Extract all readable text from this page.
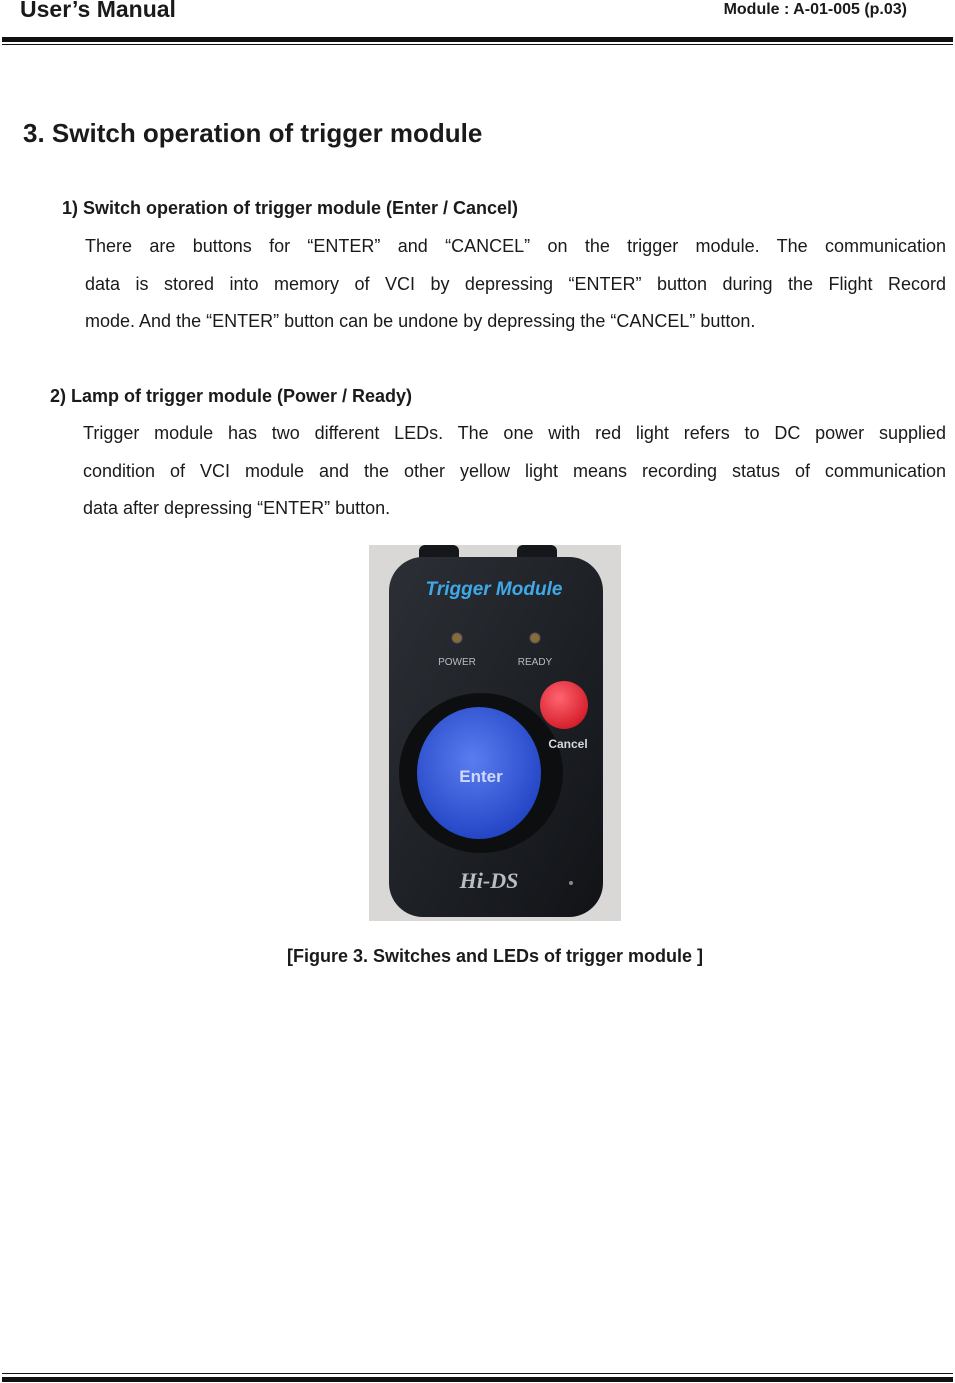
User’s Manual	Module : A-01-005 (p.03)
3. Switch operation of trigger module
1) Switch operation of trigger module (Enter / Cancel)
There are buttons for “ENTER” and “CANCEL” on the trigger module. The communication
data is stored into memory of VCI by depressing “ENTER” button during the Flight Record
mode. And the “ENTER” button can be undone by depressing the “CANCEL” button.
2) Lamp of trigger module (Power / Ready)
Trigger module has two different LEDs. The one with red light refers to DC power supplied
condition of VCI module and the other yellow light means recording status of communication
data after depressing “ENTER” button.
Trigger Module
POWER	READY
Enter
Cancel
Hi-DS
[Figure 3. Switches and LEDs of trigger module ]
